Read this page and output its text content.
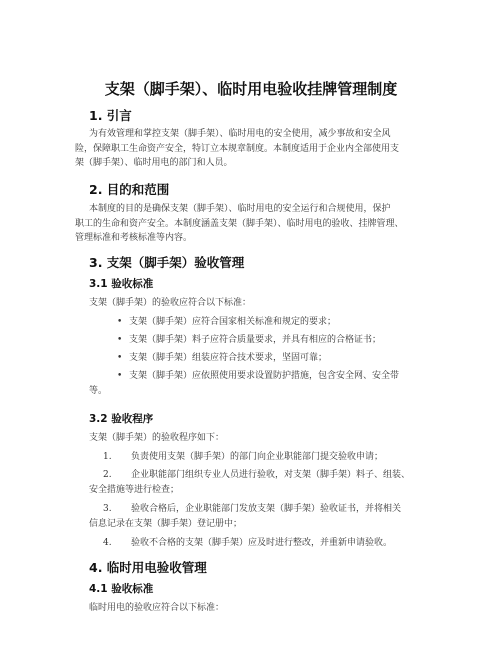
支架（脚手架）、临时用电验收挂牌管理制度
1. 引言
为有效管理和掌控支架（脚手架）、临时用电的安全使用，减少事故和安全风
险，保障职工生命资产安全，特订立本规章制度。本制度适用于企业内全部使用支
架（脚手架）、临时用电的部门和人员。
2. 目的和范围
本制度的目的是确保支架（脚手架）、临时用电的安全运行和合规使用，保护
职工的生命和资产安全。本制度涵盖支架（脚手架）、临时用电的验收、挂牌管理、
管理标准和考核标准等内容。
3. 支架（脚手架）验收管理
3.1 验收标准
支架（脚手架）的验收应符合以下标准：
• 支架（脚手架）应符合国家相关标准和规定的要求；
• 支架（脚手架）料子应符合质量要求，并具有相应的合格证书；
• 支架（脚手架）组装应符合技术要求，坚固可靠；
• 支架（脚手架）应依照使用要求设置防护措施，包含安全网、安全带
等。
3.2 验收程序
支架（脚手架）的验收程序如下：
1.	负责使用支架（脚手架）的部门向企业职能部门提交验收申请；
2.	企业职能部门组织专业人员进行验收，对支架（脚手架）料子、组装、
安全措施等进行检查；
3.	验收合格后，企业职能部门发放支架（脚手架）验收证书，并将相关
信息记录在支架（脚手架）登记册中；
4.	验收不合格的支架（脚手架）应及时进行整改，并重新申请验收。
4. 临时用电验收管理
4.1 验收标准
临时用电的验收应符合以下标准：
